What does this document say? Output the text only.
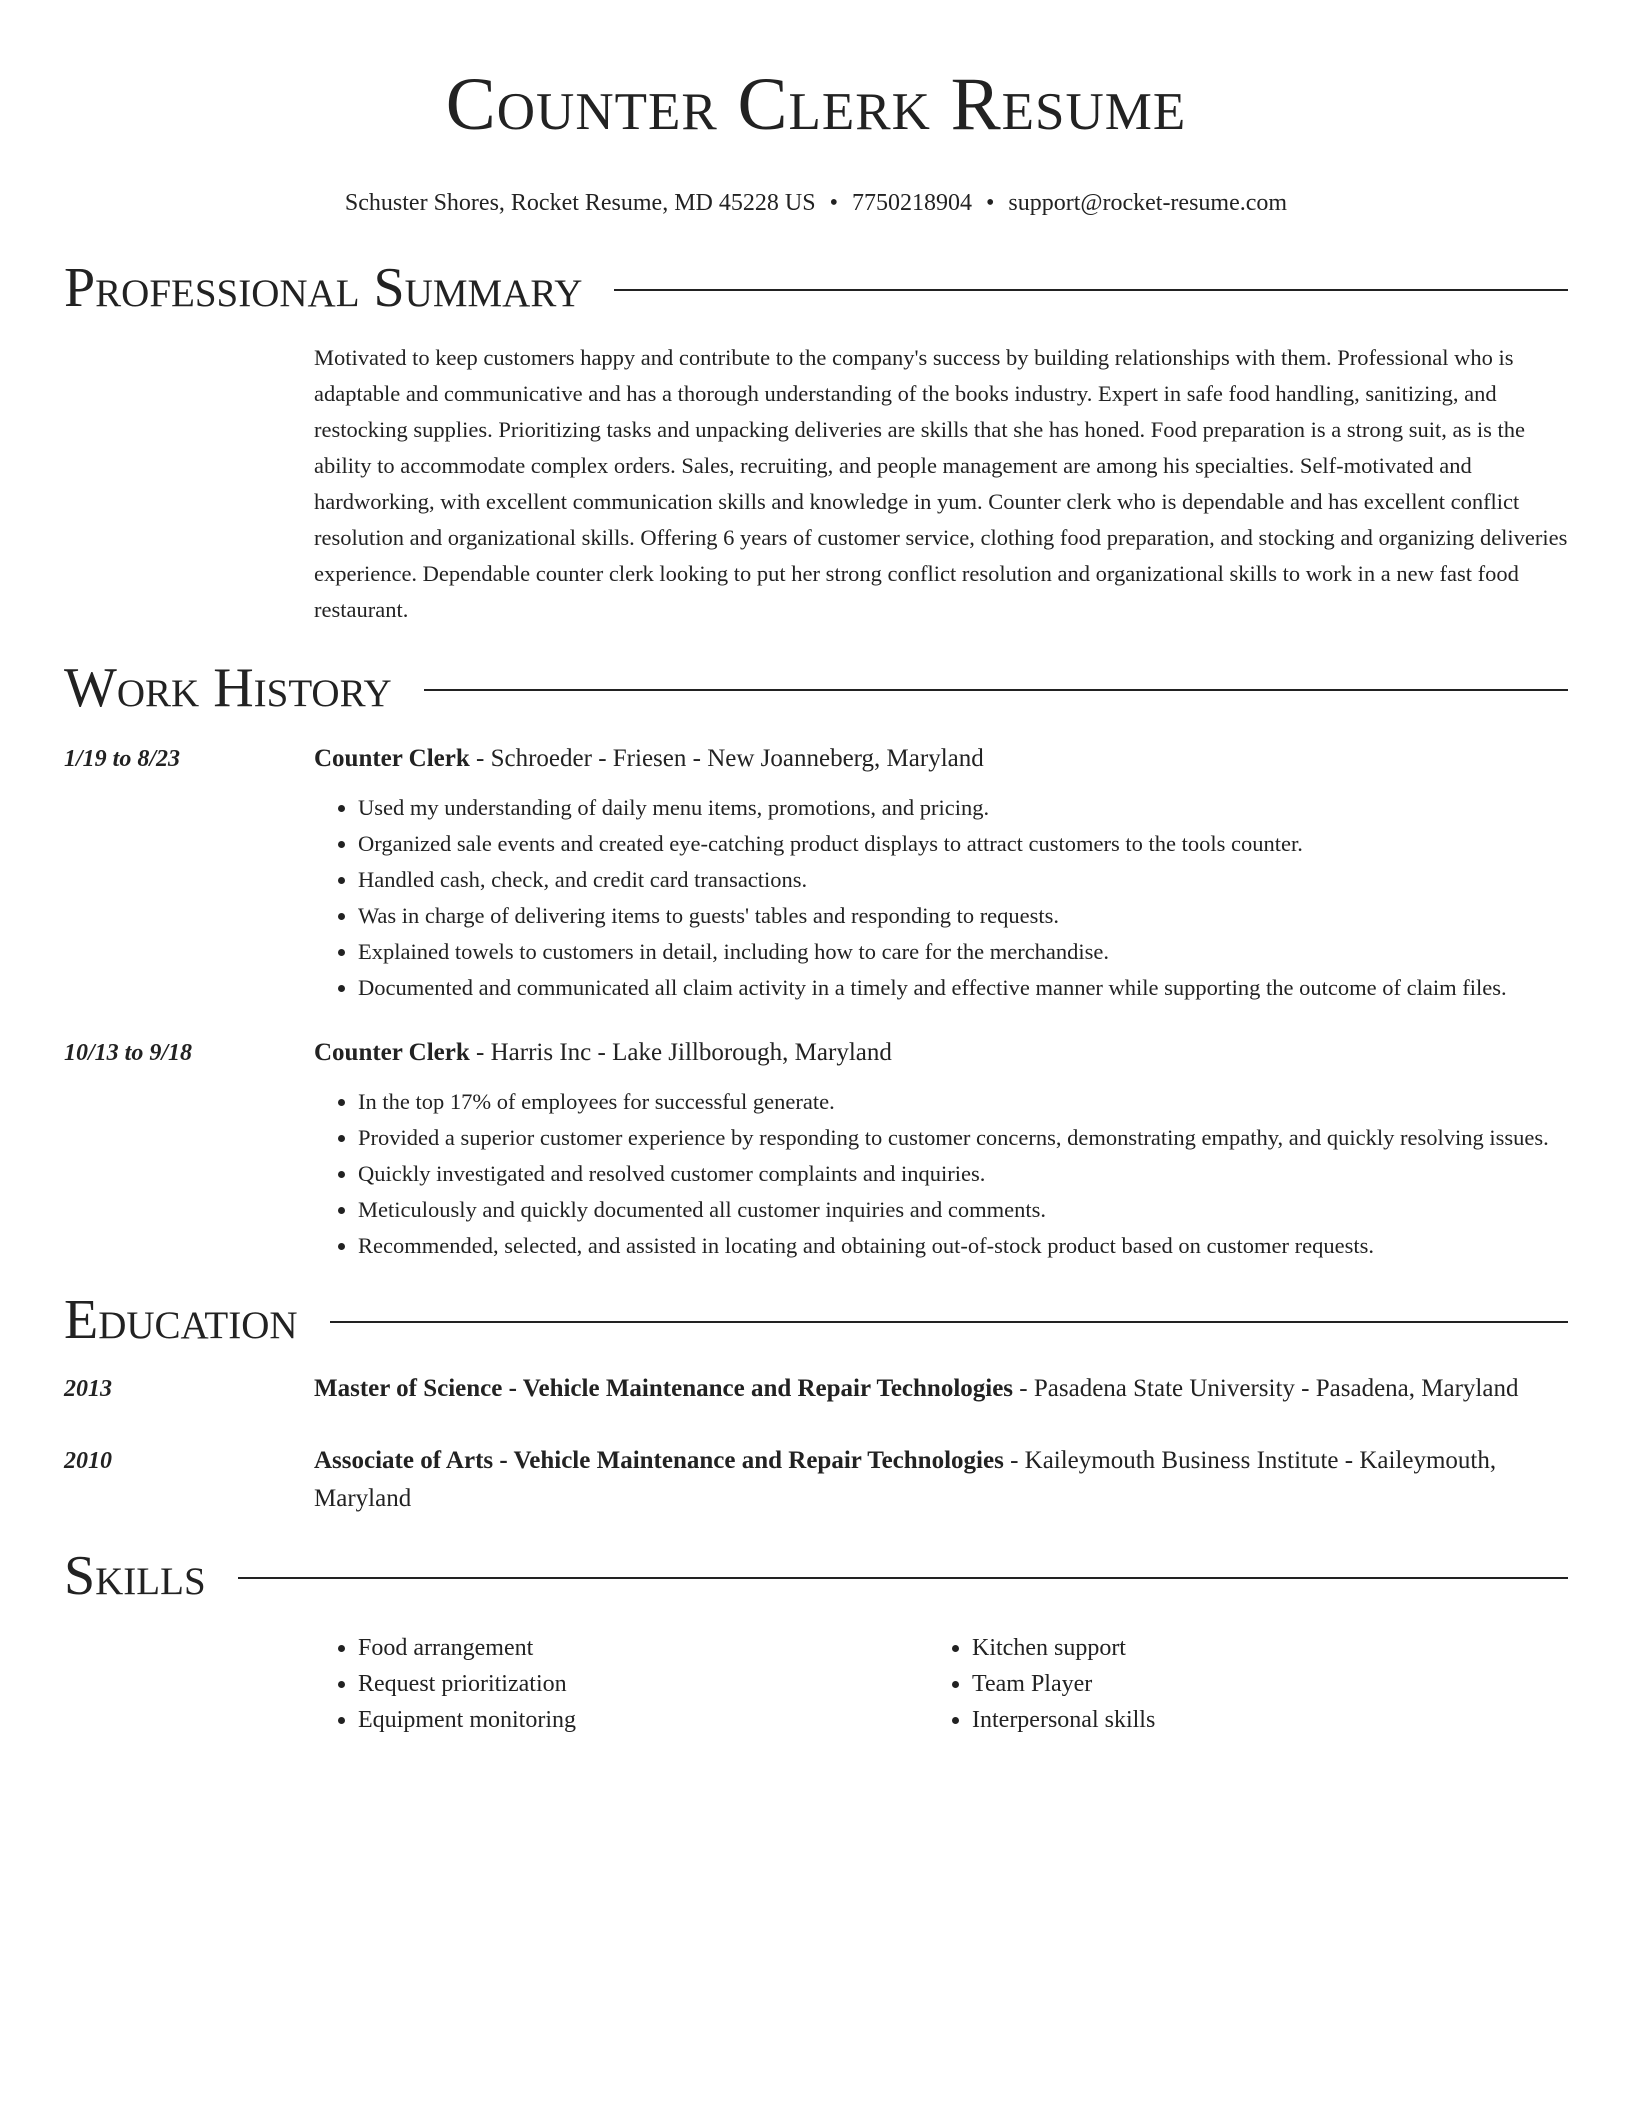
Counter Clerk Resume
Schuster Shores, Rocket Resume, MD 45228 US • 7750218904 • support@rocket-resume.com
Professional Summary
Motivated to keep customers happy and contribute to the company's success by building relationships with them. Professional who is adaptable and communicative and has a thorough understanding of the books industry. Expert in safe food handling, sanitizing, and restocking supplies. Prioritizing tasks and unpacking deliveries are skills that she has honed. Food preparation is a strong suit, as is the ability to accommodate complex orders. Sales, recruiting, and people management are among his specialties. Self-motivated and hardworking, with excellent communication skills and knowledge in yum. Counter clerk who is dependable and has excellent conflict resolution and organizational skills. Offering 6 years of customer service, clothing food preparation, and stocking and organizing deliveries experience. Dependable counter clerk looking to put her strong conflict resolution and organizational skills to work in a new fast food restaurant.
Work History
1/19 to 8/23	Counter Clerk - Schroeder - Friesen - New Joanneberg, Maryland
• Used my understanding of daily menu items, promotions, and pricing.
• Organized sale events and created eye-catching product displays to attract customers to the tools counter.
• Handled cash, check, and credit card transactions.
• Was in charge of delivering items to guests' tables and responding to requests.
• Explained towels to customers in detail, including how to care for the merchandise.
• Documented and communicated all claim activity in a timely and effective manner while supporting the outcome of claim files.
10/13 to 9/18	Counter Clerk - Harris Inc - Lake Jillborough, Maryland
• In the top 17% of employees for successful generate.
• Provided a superior customer experience by responding to customer concerns, demonstrating empathy, and quickly resolving issues.
• Quickly investigated and resolved customer complaints and inquiries.
• Meticulously and quickly documented all customer inquiries and comments.
• Recommended, selected, and assisted in locating and obtaining out-of-stock product based on customer requests.
Education
2013	Master of Science - Vehicle Maintenance and Repair Technologies - Pasadena State University - Pasadena, Maryland
2010	Associate of Arts - Vehicle Maintenance and Repair Technologies - Kaileymouth Business Institute - Kaileymouth, Maryland
Skills
• Food arrangement
• Request prioritization
• Equipment monitoring
• Kitchen support
• Team Player
• Interpersonal skills
